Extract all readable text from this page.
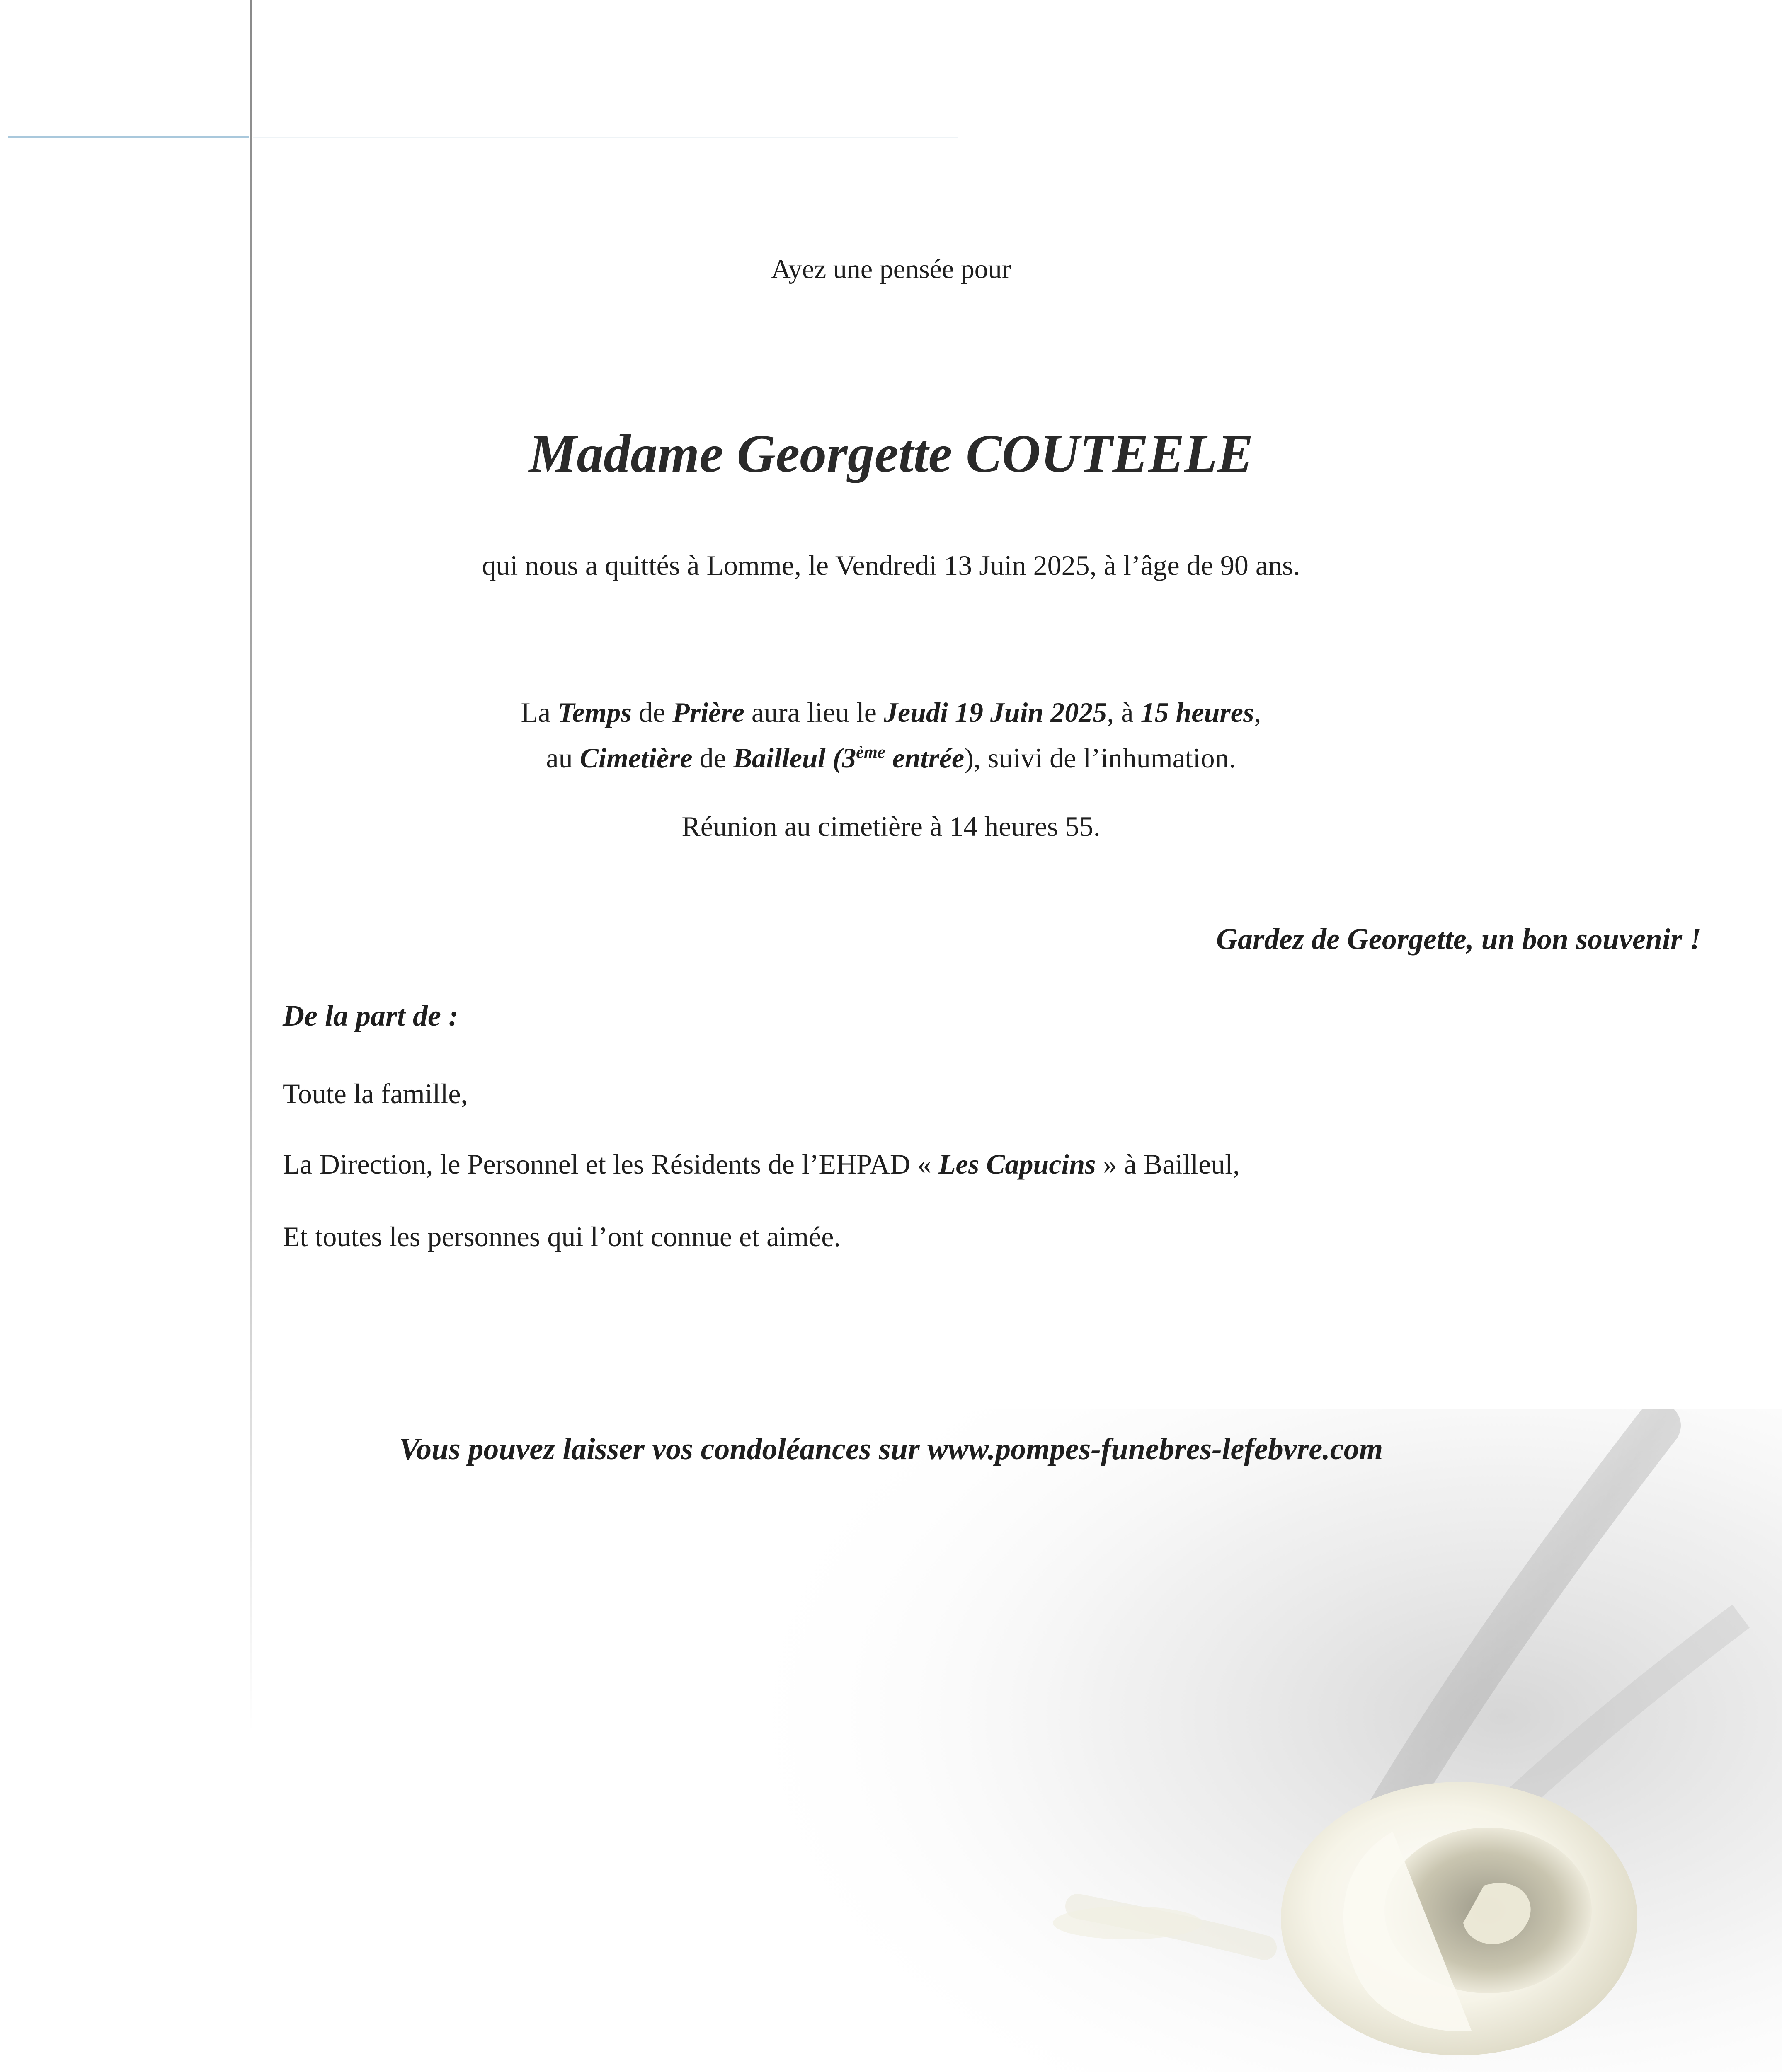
Ayez une pensée pour
Madame Georgette COUTEELE
qui nous a quittés à Lomme, le Vendredi 13 Juin 2025, à l’âge de 90 ans.
La Temps de Prière aura lieu le Jeudi 19 Juin 2025, à 15 heures,
au Cimetière de Bailleul (3ème entrée), suivi de l’inhumation.
Réunion au cimetière à 14 heures 55.
Gardez de Georgette, un bon souvenir !
De la part de :
Toute la famille,
La Direction, le Personnel et les Résidents de l’EHPAD « Les Capucins » à Bailleul,
Et toutes les personnes qui l’ont connue et aimée.
Vous pouvez laisser vos condoléances sur www.pompes-funebres-lefebvre.com
